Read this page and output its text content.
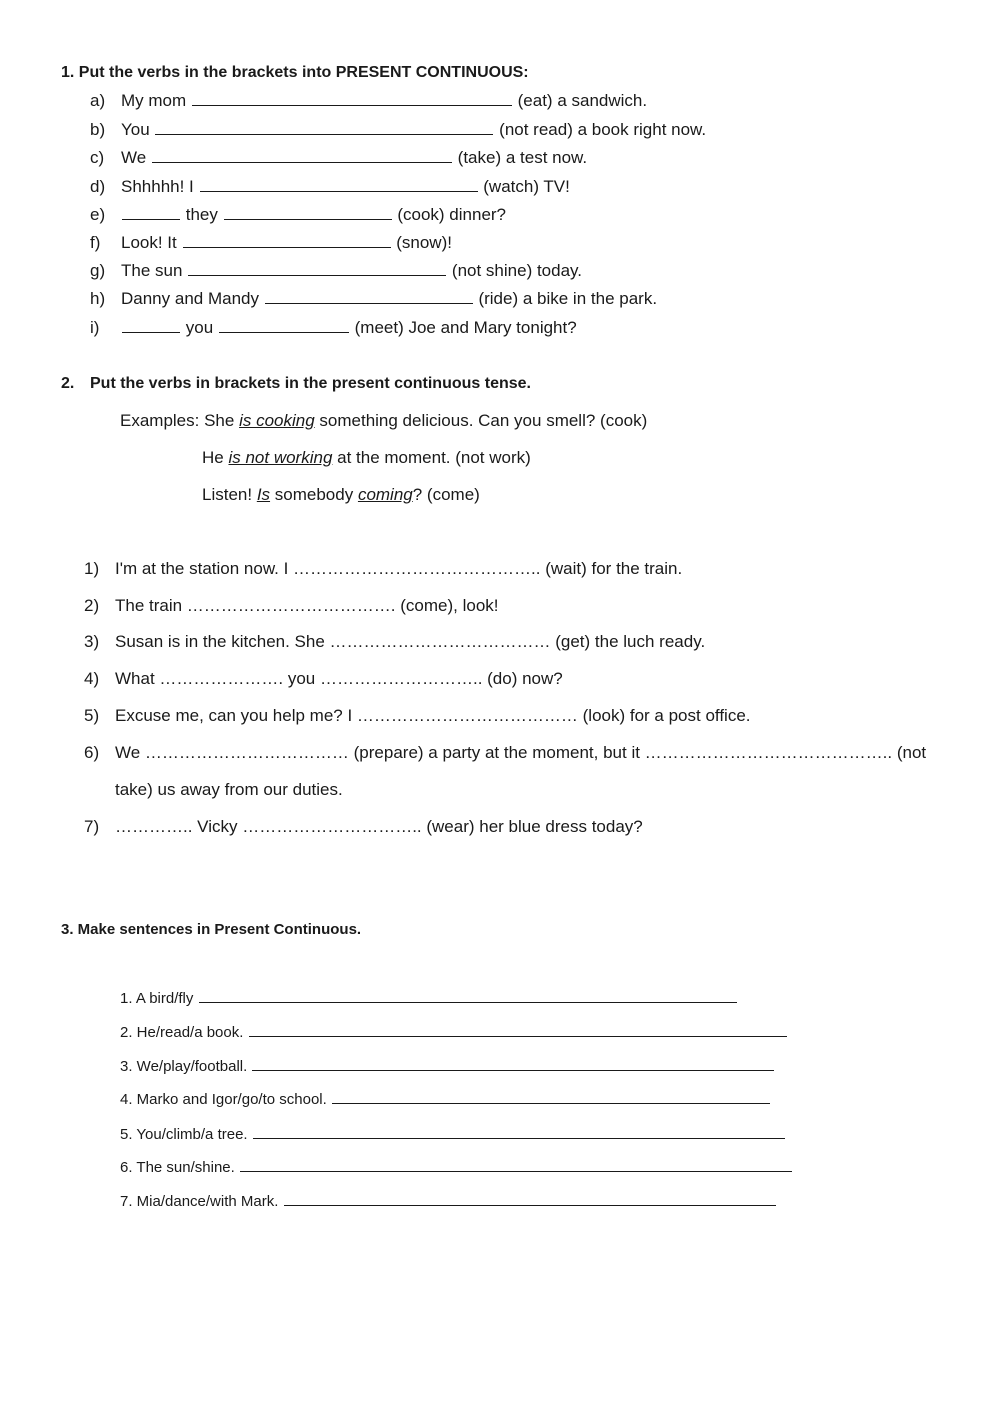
1. Put the verbs in the brackets into PRESENT CONTINUOUS:
a) My mom	(eat) a sandwich.
b) You	(not read) a book right now.
c) We	(take) a test now.
d) Shhhhh! I	(watch) TV!
e)	they	(cook) dinner?
f) Look! It	(snow)!
g) The sun	(not shine) today.
h) Danny and Mandy	(ride) a bike in the park.
i)	you	(meet) Joe and Mary tonight?
2. Put the verbs in brackets in the present continuous tense.
Examples: She is cooking something delicious. Can you smell? (cook)
He is not working at the moment. (not work)
Listen! Is somebody coming? (come)
1) I'm at the station now. I …………………………………….. (wait) for the train.
2) The train ………………………………. (come), look!
3) Susan is in the kitchen. She ………………………………… (get) the luch ready.
4) What …………………. you ……………………….. (do) now?
5) Excuse me, can you help me? I ………………………………… (look) for a post office.
6) We ……………………………… (prepare) a party at the moment, but it …………………………………….. (not
take) us away from our duties.
7) ………….. Vicky ………………………….. (wear) her blue dress today?
3. Make sentences in Present Continuous.
1. A bird/fly
2. He/read/a book.
3. We/play/football.
4. Marko and Igor/go/to school.
5. You/climb/a tree.
6. The sun/shine.
7. Mia/dance/with Mark.
